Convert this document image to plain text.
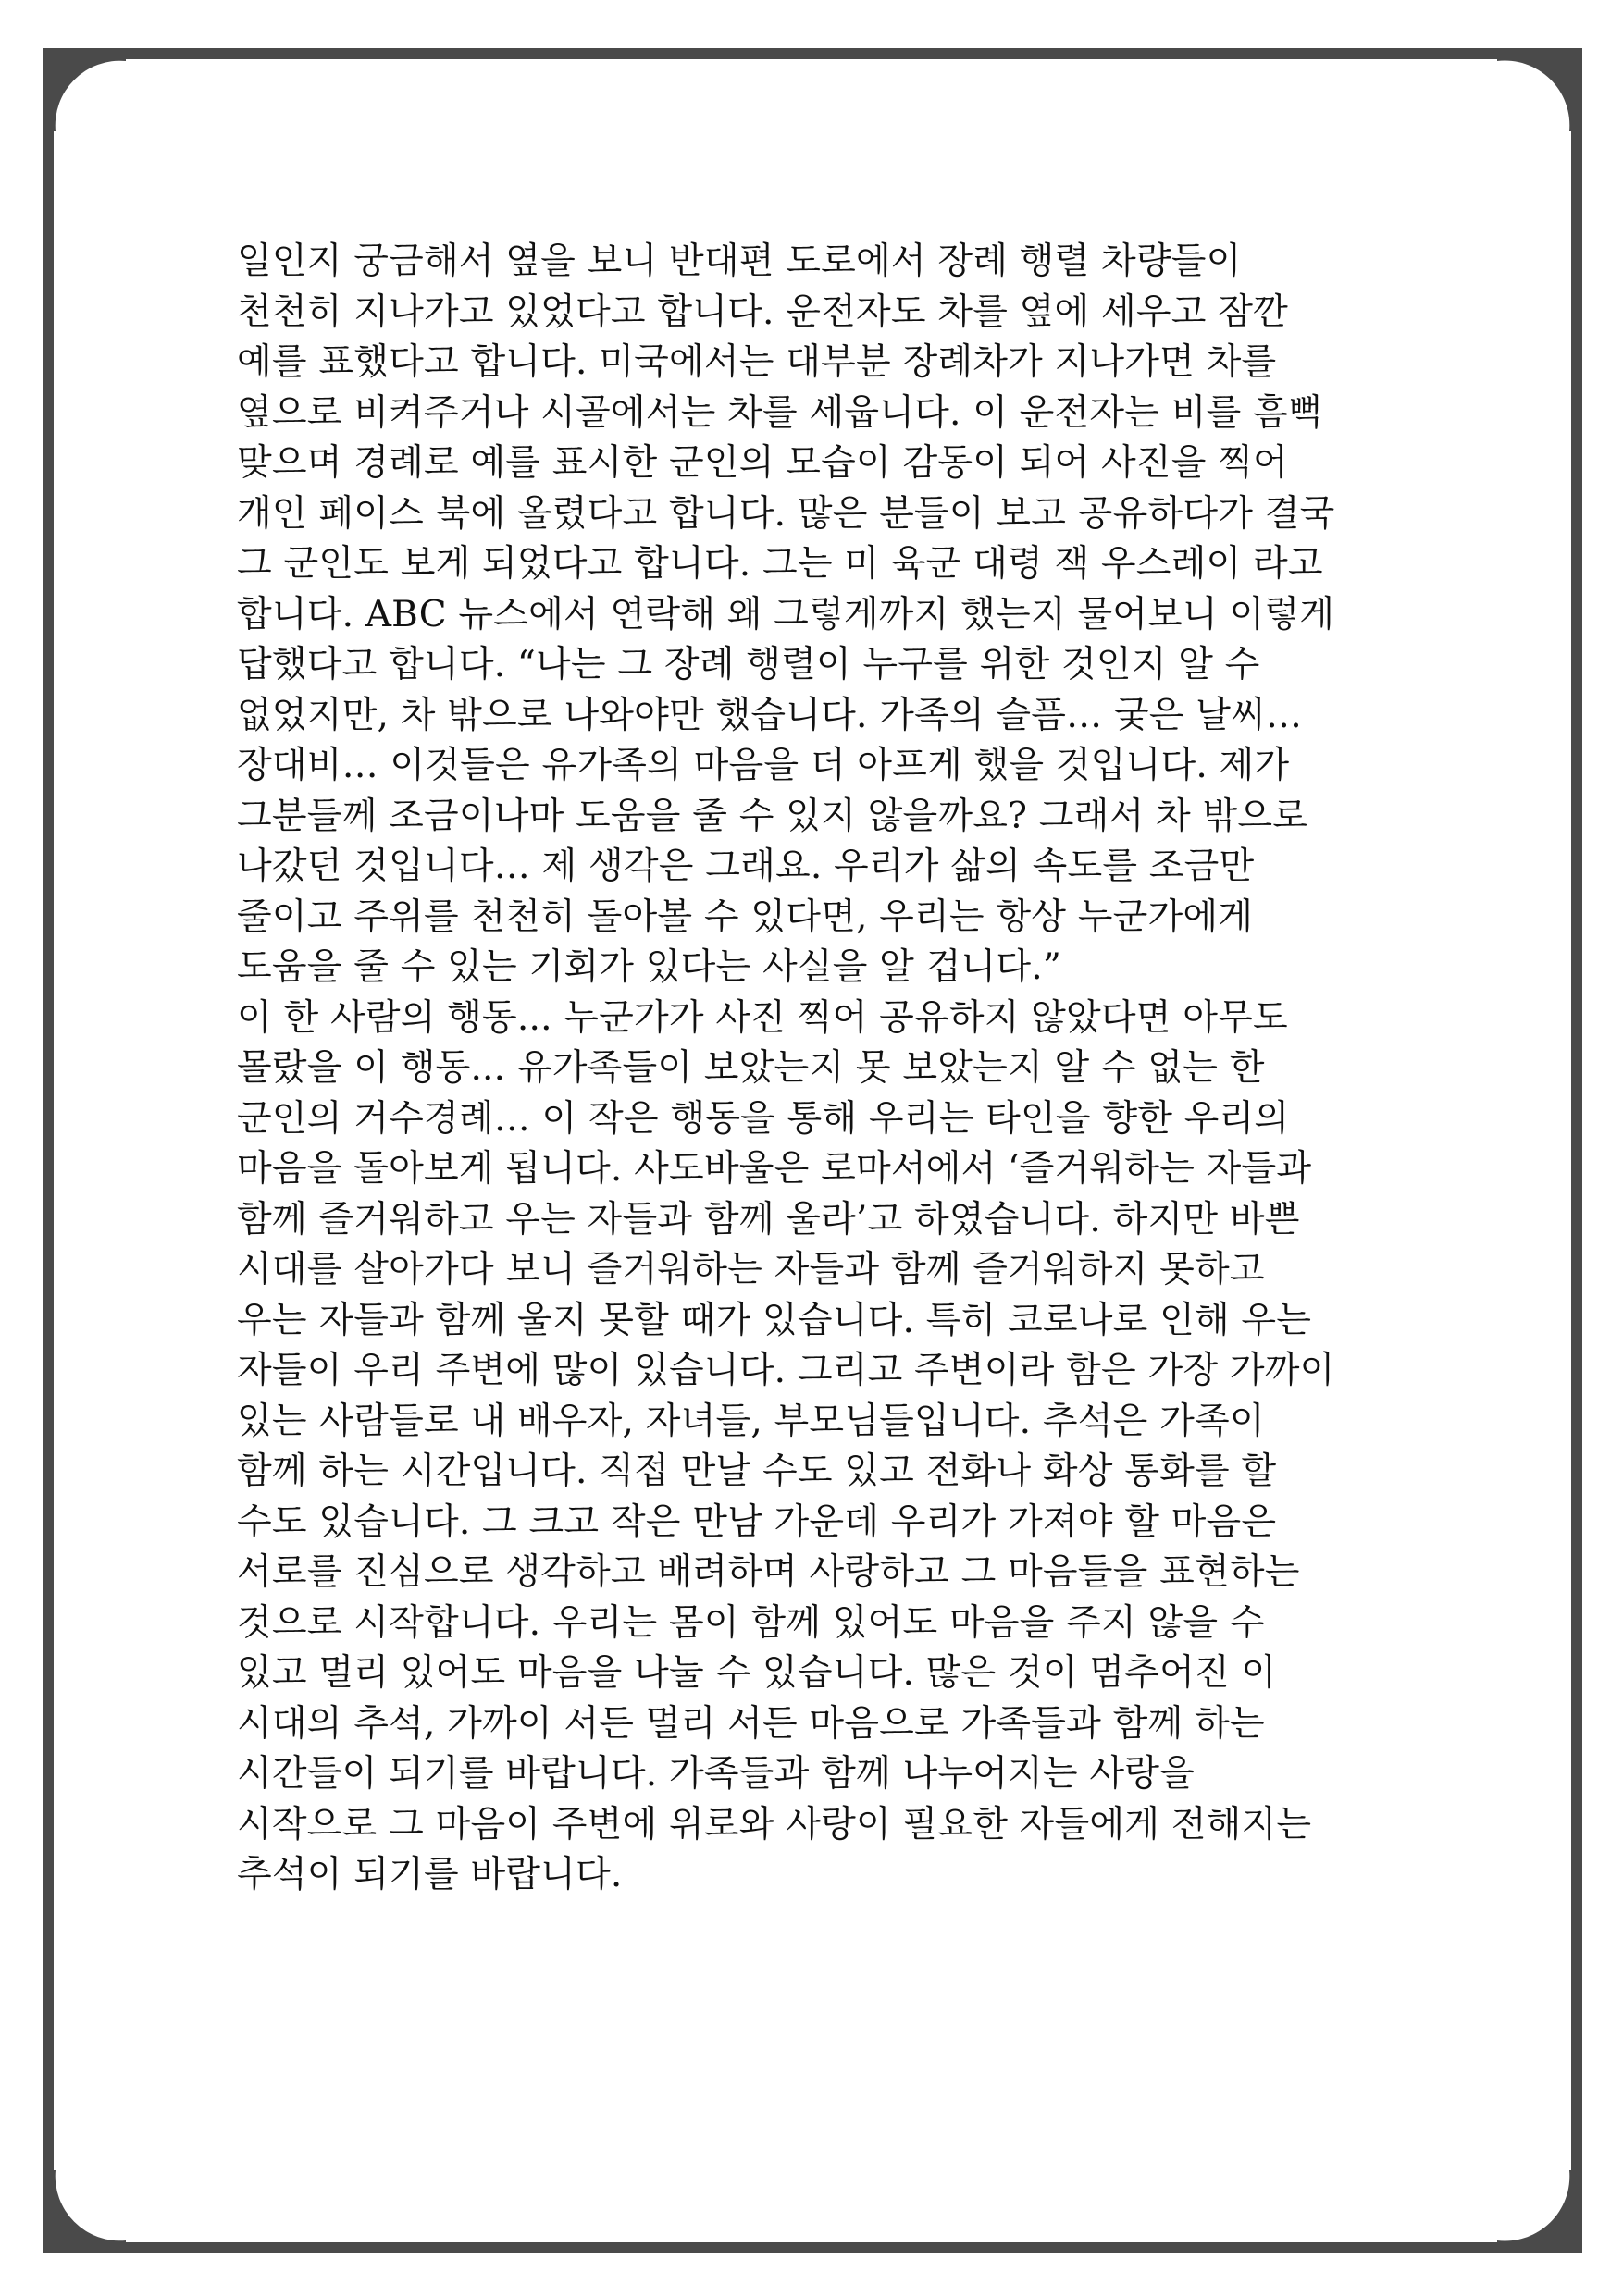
일인지 궁금해서 옆을 보니 반대편 도로에서 장례 행렬 차량들이
천천히 지나가고 있었다고 합니다. 운전자도 차를 옆에 세우고 잠깐
예를 표했다고 합니다. 미국에서는 대부분 장례차가 지나가면 차를
옆으로 비켜주거나 시골에서는 차를 세웁니다. 이 운전자는 비를 흠뻑
맞으며 경례로 예를 표시한 군인의 모습이 감동이 되어 사진을 찍어
개인 페이스 북에 올렸다고 합니다. 많은 분들이 보고 공유하다가 결국
그 군인도 보게 되었다고 합니다. 그는 미 육군 대령 잭 우스레이 라고
합니다. ABC 뉴스에서 연락해 왜 그렇게까지 했는지 물어보니 이렇게
답했다고 합니다. “나는 그 장례 행렬이 누구를 위한 것인지 알 수
없었지만, 차 밖으로 나와야만 했습니다. 가족의 슬픔… 궂은 날씨…
장대비… 이것들은 유가족의 마음을 더 아프게 했을 것입니다. 제가
그분들께 조금이나마 도움을 줄 수 있지 않을까요? 그래서 차 밖으로
나갔던 것입니다… 제 생각은 그래요. 우리가 삶의 속도를 조금만
줄이고 주위를 천천히 돌아볼 수 있다면, 우리는 항상 누군가에게
도움을 줄 수 있는 기회가 있다는 사실을 알 겁니다.”
이 한 사람의 행동... 누군가가 사진 찍어 공유하지 않았다면 아무도
몰랐을 이 행동... 유가족들이 보았는지 못 보았는지 알 수 없는 한
군인의 거수경례… 이 작은 행동을 통해 우리는 타인을 향한 우리의
마음을 돌아보게 됩니다. 사도바울은 로마서에서 ‘즐거워하는 자들과
함께 즐거워하고 우는 자들과 함께 울라’고 하였습니다. 하지만 바쁜
시대를 살아가다 보니 즐거워하는 자들과 함께 즐거워하지 못하고
우는 자들과 함께 울지 못할 때가 있습니다. 특히 코로나로 인해 우는
자들이 우리 주변에 많이 있습니다. 그리고 주변이라 함은 가장 가까이
있는 사람들로 내 배우자, 자녀들, 부모님들입니다. 추석은 가족이
함께 하는 시간입니다. 직접 만날 수도 있고 전화나 화상 통화를 할
수도 있습니다. 그 크고 작은 만남 가운데 우리가 가져야 할 마음은
서로를 진심으로 생각하고 배려하며 사랑하고 그 마음들을 표현하는
것으로 시작합니다. 우리는 몸이 함께 있어도 마음을 주지 않을 수
있고 멀리 있어도 마음을 나눌 수 있습니다. 많은 것이 멈추어진 이
시대의 추석, 가까이 서든 멀리 서든 마음으로 가족들과 함께 하는
시간들이 되기를 바랍니다. 가족들과 함께 나누어지는 사랑을
시작으로 그 마음이 주변에 위로와 사랑이 필요한 자들에게 전해지는
추석이 되기를 바랍니다.
